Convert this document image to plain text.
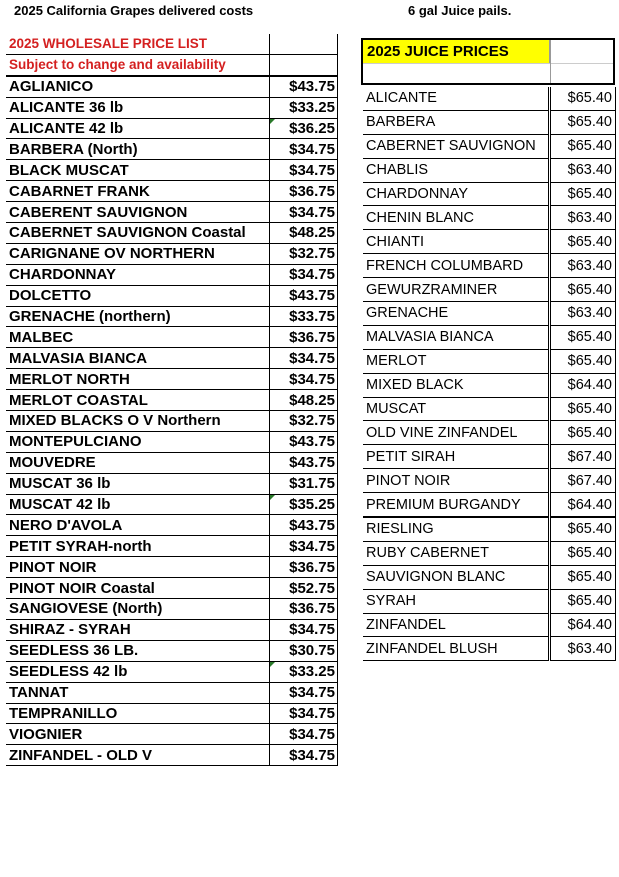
2025 California Grapes delivered costs	6 gal Juice pails.
2025 WHOLESALE PRICE LIST	
Subject to change and availability	
AGLIANICO	$43.75
ALICANTE 36 lb	$33.25
ALICANTE 42 lb	$36.25
BARBERA (North)	$34.75
BLACK MUSCAT	$34.75
CABARNET FRANK	$36.75
CABERENT SAUVIGNON	$34.75
CABERNET SAUVIGNON Coastal	$48.25
CARIGNANE OV NORTHERN	$32.75
CHARDONNAY	$34.75
DOLCETTO	$43.75
GRENACHE (northern)	$33.75
MALBEC	$36.75
MALVASIA BIANCA	$34.75
MERLOT NORTH	$34.75
MERLOT COASTAL	$48.25
MIXED BLACKS O V Northern	$32.75
MONTEPULCIANO	$43.75
MOUVEDRE	$43.75
MUSCAT 36 lb	$31.75
MUSCAT 42 lb	$35.25
NERO D'AVOLA	$43.75
PETIT SYRAH-north	$34.75
PINOT NOIR	$36.75
PINOT NOIR Coastal	$52.75
SANGIOVESE (North)	$36.75
SHIRAZ - SYRAH	$34.75
SEEDLESS 36 LB.	$30.75
SEEDLESS 42 lb	$33.25
TANNAT	$34.75
TEMPRANILLO	$34.75
VIOGNIER	$34.75
ZINFANDEL - OLD V	$34.75
2025 JUICE PRICES
ALICANTE	$65.40
BARBERA	$65.40
CABERNET SAUVIGNON	$65.40
CHABLIS	$63.40
CHARDONNAY	$65.40
CHENIN BLANC	$63.40
CHIANTI	$65.40
FRENCH COLUMBARD	$63.40
GEWURZRAMINER	$65.40
GRENACHE	$63.40
MALVASIA BIANCA	$65.40
MERLOT	$65.40
MIXED BLACK	$64.40
MUSCAT	$65.40
OLD VINE ZINFANDEL	$65.40
PETIT SIRAH	$67.40
PINOT NOIR	$67.40
PREMIUM BURGANDY	$64.40
RIESLING	$65.40
RUBY CABERNET	$65.40
SAUVIGNON BLANC	$65.40
SYRAH	$65.40
ZINFANDEL	$64.40
ZINFANDEL BLUSH	$63.40
